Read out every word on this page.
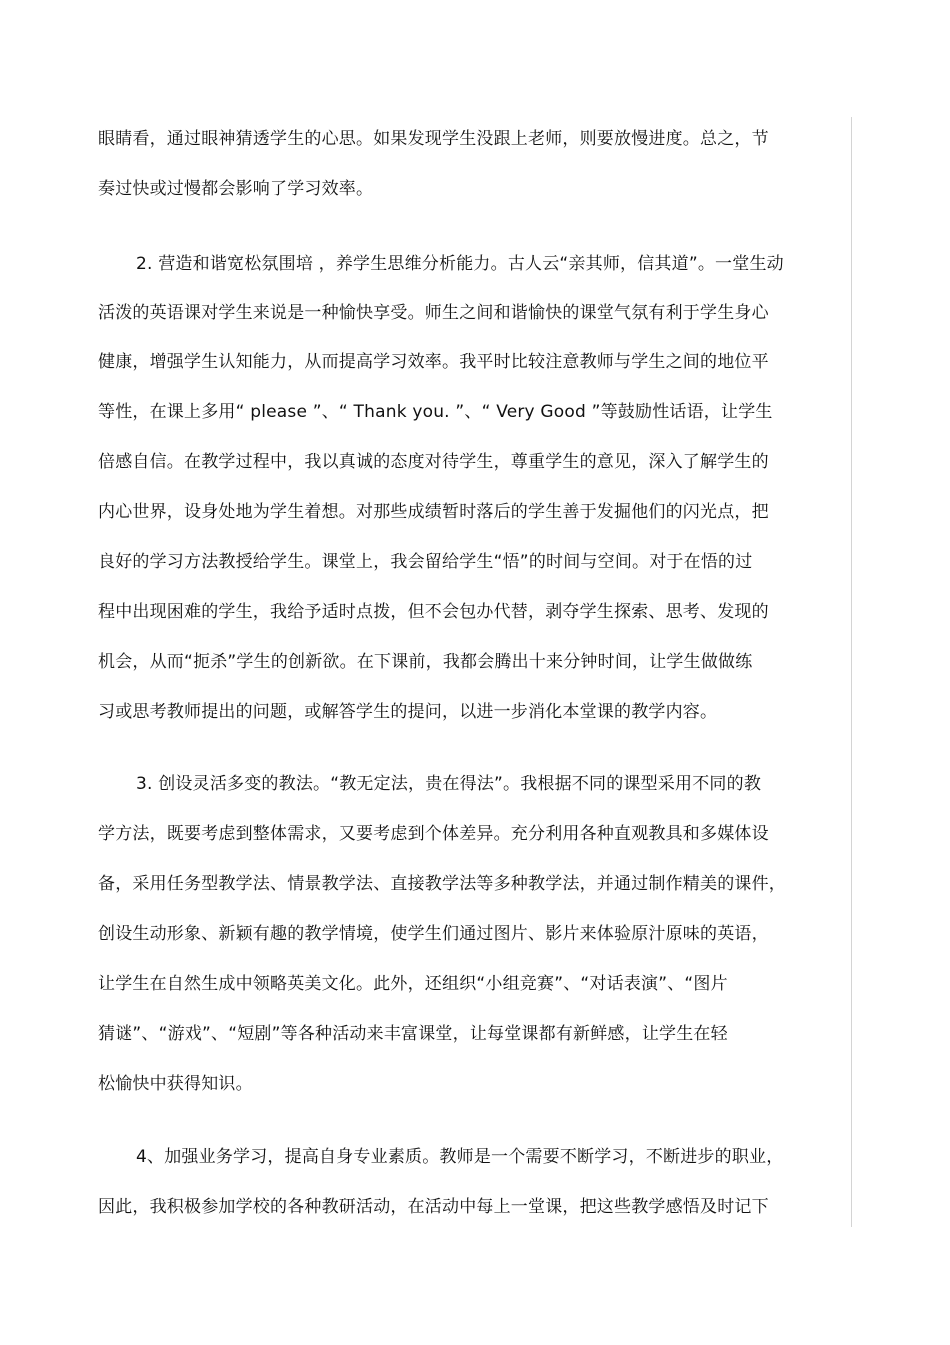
眼睛看，通过眼神猜透学生的心思。如果发现学生没跟上老师，则要放慢进度。总之，节
奏过快或过慢都会影响了学习效率。
2. 营造和谐宽松氛围培 ，养学生思维分析能力。古人云“亲其师，信其道”。一堂生动
活泼的英语课对学生来说是一种愉快享受。师生之间和谐愉快的课堂气氛有利于学生身心
健康，增强学生认知能力，从而提高学习效率。我平时比较注意教师与学生之间的地位平
等性，在课上多用“ please ”、“ Thank you. ”、“ Very Good ”等鼓励性话语，让学生
倍感自信。在教学过程中，我以真诚的态度对待学生，尊重学生的意见，深入了解学生的
内心世界，设身处地为学生着想。对那些成绩暂时落后的学生善于发掘他们的闪光点，把
良好的学习方法教授给学生。课堂上，我会留给学生“悟”的时间与空间。对于在悟的过
程中出现困难的学生，我给予适时点拨，但不会包办代替，剥夺学生探索、思考、发现的
机会，从而“扼杀”学生的创新欲。在下课前，我都会腾出十来分钟时间，让学生做做练
习或思考教师提出的问题，或解答学生的提问，以进一步消化本堂课的教学内容。
3. 创设灵活多变的教法。“教无定法，贵在得法”。我根据不同的课型采用不同的教
学方法，既要考虑到整体需求，又要考虑到个体差异。充分利用各种直观教具和多媒体设
备，采用任务型教学法、情景教学法、直接教学法等多种教学法，并通过制作精美的课件，
创设生动形象、新颖有趣的教学情境，使学生们通过图片、影片来体验原汁原味的英语，
让学生在自然生成中领略英美文化。此外，还组织“小组竞赛”、“对话表演”、“图片
猜谜”、“游戏”、“短剧”等各种活动来丰富课堂，让每堂课都有新鲜感，让学生在轻
松愉快中获得知识。
4、加强业务学习，提高自身专业素质。教师是一个需要不断学习，不断进步的职业，
因此，我积极参加学校的各种教研活动，在活动中每上一堂课，把这些教学感悟及时记下
